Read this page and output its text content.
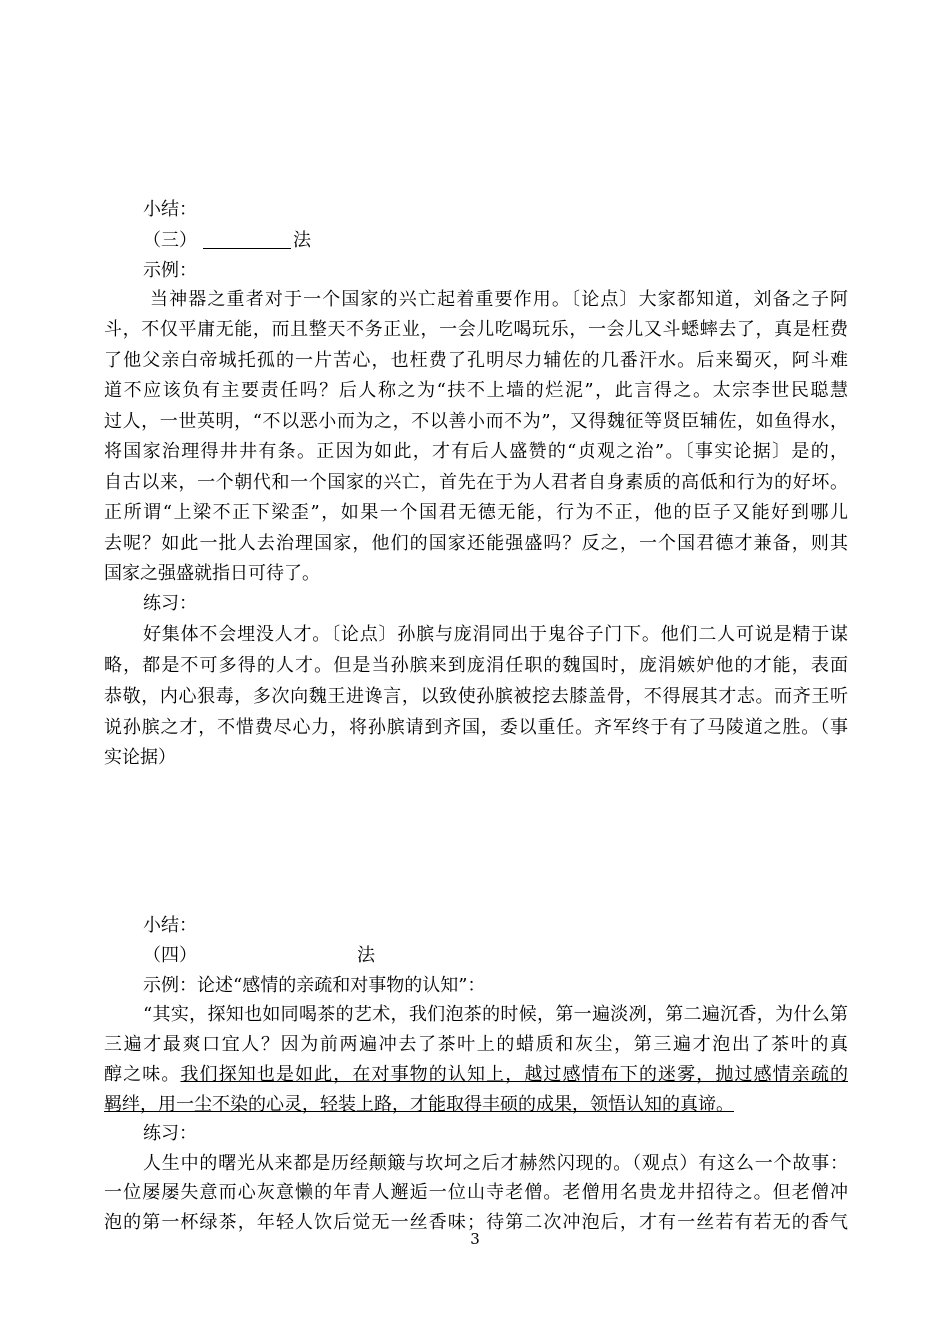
小结：
（三）	法
示例：
当神器之重者对于一个国家的兴亡起着重要作用。〔论点〕大家都知道，刘备之子阿
斗，不仅平庸无能，而且整天不务正业，一会儿吃喝玩乐，一会儿又斗蟋蟀去了，真是枉费
了他父亲白帝城托孤的一片苦心，也枉费了孔明尽力辅佐的几番汗水。后来蜀灭，阿斗难
道不应该负有主要责任吗？后人称之为“扶不上墙的烂泥”，此言得之。太宗李世民聪慧
过人，一世英明，“不以恶小而为之，不以善小而不为”，又得魏征等贤臣辅佐，如鱼得水，
将国家治理得井井有条。正因为如此，才有后人盛赞的“贞观之治”。〔事实论据〕是的，
自古以来，一个朝代和一个国家的兴亡，首先在于为人君者自身素质的高低和行为的好坏。
正所谓“上梁不正下梁歪”，如果一个国君无德无能，行为不正，他的臣子又能好到哪儿
去呢？如此一批人去治理国家，他们的国家还能强盛吗？反之，一个国君德才兼备，则其
国家之强盛就指日可待了。
练习：
好集体不会埋没人才。〔论点〕孙膑与庞涓同出于鬼谷子门下。他们二人可说是精于谋
略，都是不可多得的人才。但是当孙膑来到庞涓任职的魏国时，庞涓嫉妒他的才能，表面
恭敬，内心狠毒，多次向魏王进谗言，以致使孙膑被挖去膝盖骨，不得展其才志。而齐王听
说孙膑之才，不惜费尽心力，将孙膑请到齐国，委以重任。齐军终于有了马陵道之胜。（事
实论据）
小结：
（四）	法
示例：论述“感情的亲疏和对事物的认知”：
“其实，探知也如同喝茶的艺术，我们泡茶的时候，第一遍淡冽，第二遍沉香，为什么第
三遍才最爽口宜人？因为前两遍冲去了茶叶上的蜡质和灰尘，第三遍才泡出了茶叶的真
醇之味。我们探知也是如此，在对事物的认知上，越过感情布下的迷雾，抛过感情亲疏的
羁绊，用一尘不染的心灵，轻装上路，才能取得丰硕的成果，领悟认知的真谛。
练习：
人生中的曙光从来都是历经颠簸与坎坷之后才赫然闪现的。（观点）有这么一个故事：
一位屡屡失意而心灰意懒的年青人邂逅一位山寺老僧。老僧用名贵龙井招待之。但老僧冲
泡的第一杯绿茶，年轻人饮后觉无一丝香味；待第二次冲泡后，才有一丝若有若无的香气
3
